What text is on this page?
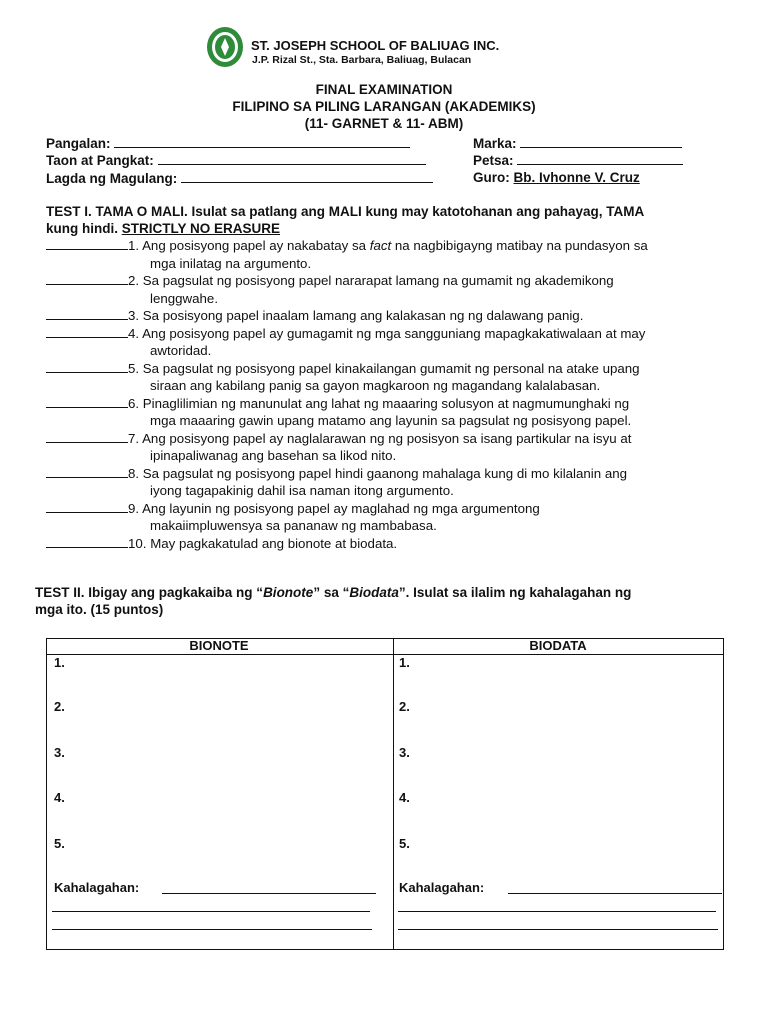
ST. JOSEPH SCHOOL OF BALIUAG INC.
J.P. Rizal St., Sta. Barbara, Baliuag, Bulacan
FINAL EXAMINATION
FILIPINO SA PILING LARANGAN (AKADEMIKS)
(11- GARNET & 11- ABM)
Pangalan:	Marka:
Taon at Pangkat:	Petsa:
Lagda ng Magulang:	Guro: Bb. Ivhonne V. Cruz
TEST I. TAMA O MALI. Isulat sa patlang ang MALI kung may katotohanan ang pahayag, TAMA
kung hindi. STRICTLY NO ERASURE
1. Ang posisyong papel ay nakabatay sa fact na nagbibigayng matibay na pundasyon sa
mga inilatag na argumento.
2. Sa pagsulat ng posisyong papel nararapat lamang na gumamit ng akademikong
lenggwahe.
3. Sa posisyong papel inaalam lamang ang kalakasan ng ng dalawang panig.
4. Ang posisyong papel ay gumagamit ng mga sangguniang mapagkakatiwalaan at may
awtoridad.
5. Sa pagsulat ng posisyong papel kinakailangan gumamit ng personal na atake upang
siraan ang kabilang panig sa gayon magkaroon ng magandang kalalabasan.
6. Pinaglilimian ng manunulat ang lahat ng maaaring solusyon at nagmumunghaki ng
mga maaaring gawin upang matamo ang layunin sa pagsulat ng posisyong papel.
7. Ang posisyong papel ay naglalarawan ng ng posisyon sa isang partikular na isyu at
ipinapaliwanag ang basehan sa likod nito.
8. Sa pagsulat ng posisyong papel hindi gaanong mahalaga kung di mo kilalanin ang
iyong tagapakinig dahil isa naman itong argumento.
9. Ang layunin ng posisyong papel ay maglahad ng mga argumentong
makaiimpluwensya sa pananaw ng mambabasa.
10. May pagkakatulad ang bionote at biodata.
TEST II. Ibigay ang pagkakaiba ng “Bionote” sa “Biodata”. Isulat sa ilalim ng kahalagahan ng
mga ito. (15 puntos)
BIONOTE	BIODATA
1.	1.
2.	2.
3.	3.
4.	4.
5.	5.
Kahalagahan:	Kahalagahan:
